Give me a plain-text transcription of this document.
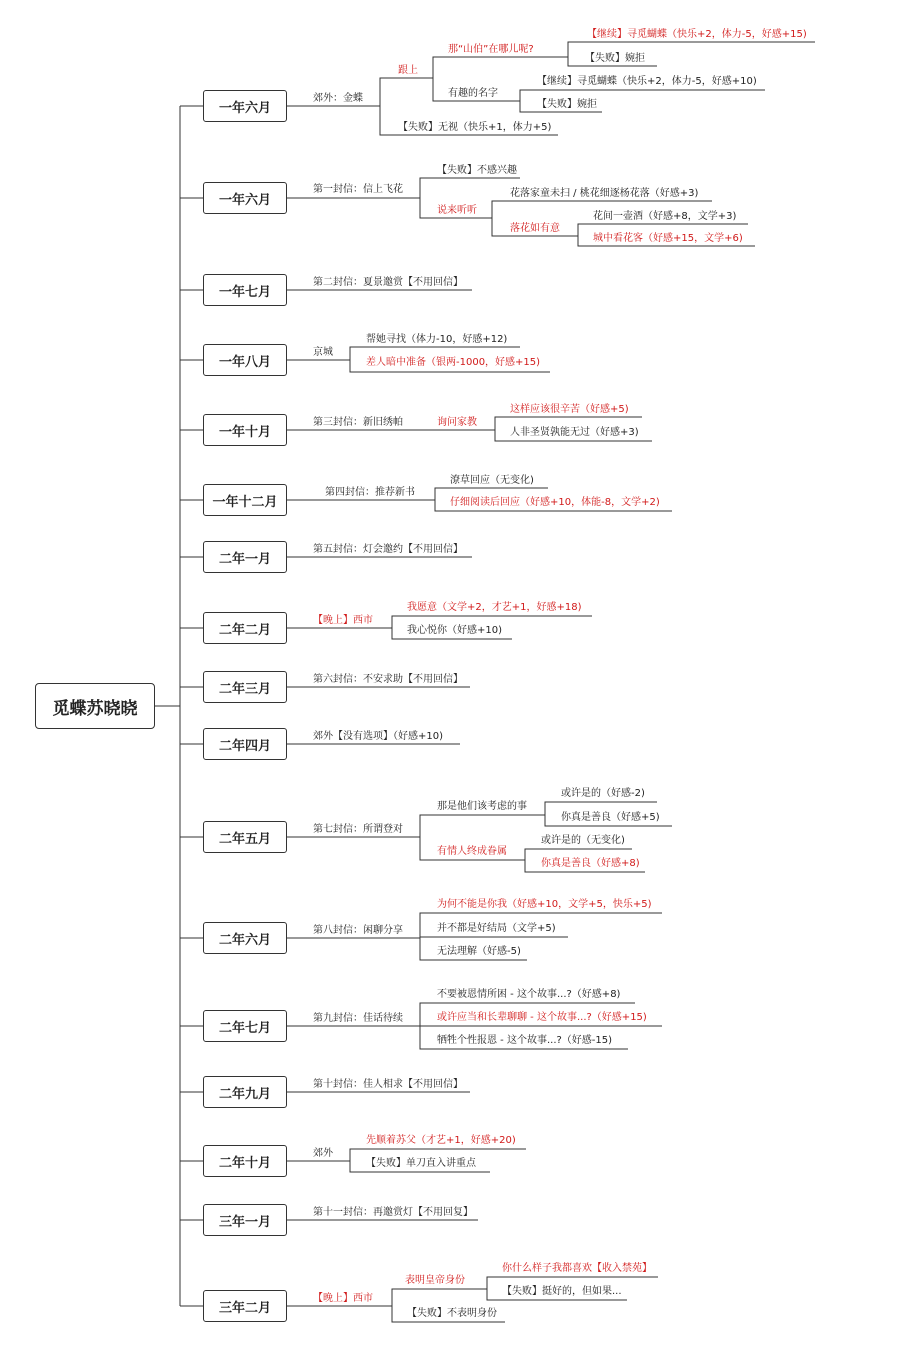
觅蝶苏晓晓
一年六月
一年六月
一年七月
一年八月
一年十月
一年十二月
二年一月
二年二月
二年三月
二年四月
二年五月
二年六月
二年七月
二年九月
二年十月
三年一月
三年二月
郊外：金蝶
跟上
那“山伯”在哪儿呢?
【继续】寻觅蝴蝶（快乐+2，体力-5，好感+15)
【失败】婉拒
有趣的名字
【继续】寻觅蝴蝶（快乐+2，体力-5，好感+10)
【失败】婉拒
【失败】无视（快乐+1，体力+5)
第一封信：信上飞花
【失败】不感兴趣
说来听听
花落家童未扫 / 桃花细逐杨花落（好感+3)
落花如有意
花间一壶酒（好感+8，文学+3)
城中看花客（好感+15，文学+6)
第二封信：夏景邀赏【不用回信】
京城
帮她寻找（体力-10，好感+12)
差人暗中准备（银两-1000，好感+15)
第三封信：新旧绣帕	询问家教
这样应该很辛苦（好感+5)
人非圣贤孰能无过（好感+3)
第四封信：推荐新书
潦草回应（无变化)
仔细阅读后回应（好感+10，体能-8，文学+2)
第五封信：灯会邀约【不用回信】
【晚上】西市
我愿意（文学+2，才艺+1，好感+18)
我心悦你（好感+10)
第六封信：不安求助【不用回信】
郊外【没有选项】（好感+10)
第七封信：所谓登对
那是他们该考虑的事
或许是的（好感-2)
你真是善良（好感+5)
有情人终成眷属
或许是的（无变化)
你真是善良（好感+8)
第八封信：闲聊分享
为何不能是你我（好感+10，文学+5，快乐+5)
并不都是好结局（文学+5)
无法理解（好感-5)
第九封信：佳话待续
不要被恩情所困 - 这个故事...?（好感+8)
或许应当和长辈聊聊 - 这个故事...?（好感+15)
牺牲个性报恩 - 这个故事...?（好感-15)
第十封信：佳人相求【不用回信】
郊外
先顺着苏父（才艺+1，好感+20)
【失败】单刀直入讲重点
第十一封信：再邀赏灯【不用回复】
【晚上】西市
表明皇帝身份
你什么样子我都喜欢【收入禁苑】
【失败】挺好的，但如果...
【失败】不表明身份
